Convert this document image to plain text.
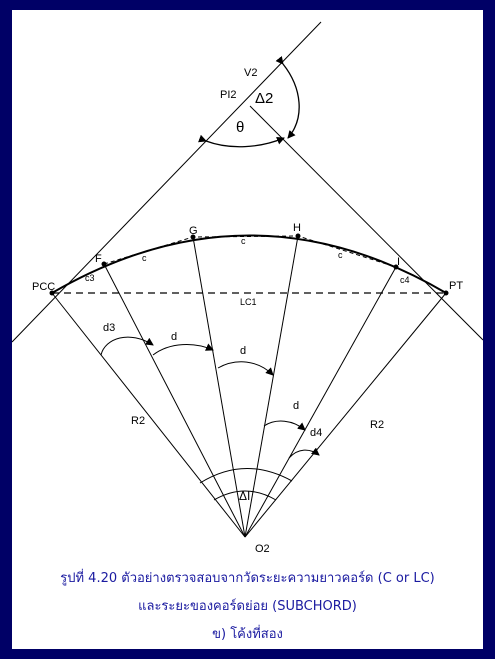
V2
PI2 Δ2
θ
PCC	PT
F
G	H
I
c3
c
c
c
c4
LC1
d3
d
d
d
d4
R2	R2
ΔI
O2
รูปที่ 4.20 ตัวอย่างตรวจสอบจากวัดระยะความยาวคอร์ด (C or LC)
และระยะของคอร์ดย่อย (SUBCHORD)
ข) โค้งที่สอง
